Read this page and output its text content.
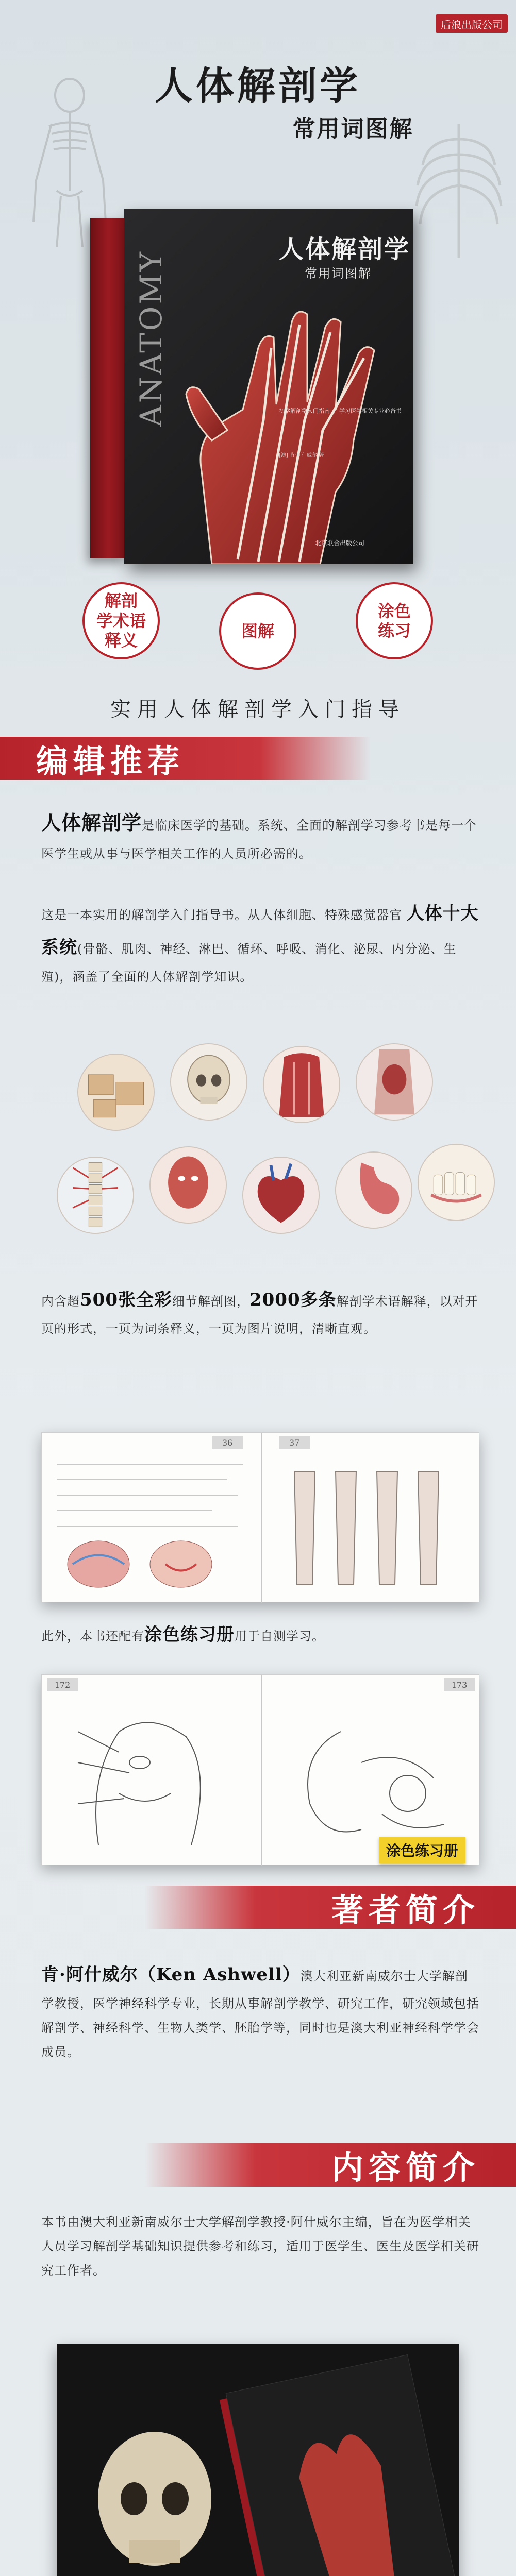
后浪出版公司
人体解剖学
常用词图解
ANATOMY
人体解剖学
常用词图解
初学解剖学入门指南 ｜ 学习医学相关专业必备书
[澳] 肯·阿什威尔 著
北京联合出版公司
解剖
学术语
释义	图解
涂色
练习
实用人体解剖学入门指导
编辑推荐

人体解剖学是临床医学的基础。系统、全面的解剖学习参考书是每一个医学生或从事与医学相关工作的人员所必需的。

这是一本实用的解剖学入门指导书。从人体细胞、特殊感觉器官 人体十大系统(骨骼、肌肉、神经、淋巴、循环、呼吸、消化、泌尿、内分泌、生殖)，涵盖了全面的人体解剖学知识。

内含超500张全彩细节解剖图，2000多条解剖学术语解释，以对开页的形式，一页为词条释义，一页为图片说明，清晰直观。

36	37

此外，本书还配有涂色练习册用于自测学习。

172	173
涂色练习册
著者简介

肯·阿什威尔（Ken Ashwell）澳大利亚新南威尔士大学解剖学教授，医学神经科学专业，长期从事解剖学教学、研究工作，研究领域包括解剖学、神经科学、生物人类学、胚胎学等，同时也是澳大利亚神经科学学会成员。

内容简介

本书由澳大利亚新南威尔士大学解剖学教授·阿什威尔主编，旨在为医学相关人员学习解剖学基础知识提供参考和练习，适用于医学生、医生及医学相关研究工作者。
